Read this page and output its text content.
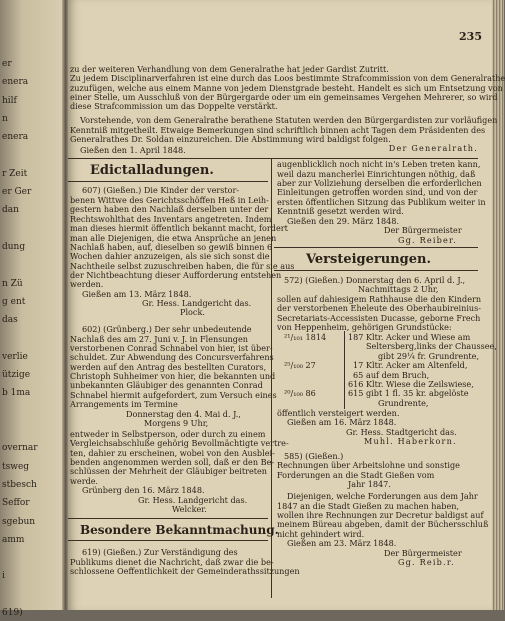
er
enera
hilf
n
enera
r Zeit
er Ger
dan
dung
n Zü
g ent
das
verlie
ützige
b 1ma
overnar
tsweg
stbesch
Seffor
sgebun
amm
i
619)
235
zu der weiteren Verhandlung von dem Generalrathe hat jeder Gardist Zutritt.
Zu jedem Disciplinarverfahren ist eine durch das Loos bestimmte Strafcommission von dem Generalrathe
zuzufügen, welche aus einem Manne von jedem Dienstgrade besteht. Handelt es sich um Entsetzung von
einer Stelle, um Ausschluß von der Bürgergarde oder um ein gemeinsames Vergehen Mehrerer, so wird
diese Strafcommission um das Doppelte verstärkt.
Vorstehende, von dem Generalrathe berathene Statuten werden den Bürgergardisten zur vorläufigen
Kenntniß mitgetheilt. Etwaige Bemerkungen sind schriftlich binnen acht Tagen dem Präsidenten des
Generalrathes Dr. Soldan einzureichen. Die Abstimmung wird baldigst folgen.
Gießen den 1. April 1848.	Der Generalrath.
Edictalladungen.
607) (Gießen.) Die Kinder der verstor-
benen Wittwe des Gerichtsschöffen Heß in Leih-
gestern haben den Nachlaß derselben unter der
Rechtswohlthat des Inventars angetreten. Indem
man dieses hiermit öffentlich bekannt macht, fordert
man alle Diejenigen, die etwa Ansprüche an jenen
Nachlaß haben, auf, dieselben so gewiß binnen 6
Wochen dahier anzuzeigen, als sie sich sonst die
Nachtheile selbst zuzuschreiben haben, die für sie aus
der Nichtbeachtung dieser Aufforderung entstehen
werden.
Gießen am 13. März 1848.
Gr. Hess. Landgericht das.
Plock.
602) (Grünberg.) Der sehr unbedeutende
Nachlaß des am 27. Juni v. J. in Flensungen
verstorbenen Conrad Schnabel von hier, ist über-
schuldet. Zur Abwendung des Concursverfahrens
werden auf den Antrag des bestellten Curators,
Christoph Suhheimer von hier, die bekannten und
unbekannten Gläubiger des genannten Conrad
Schnabel hiermit aufgefordert, zum Versuch eines
Arrangements im Termine
Donnerstag den 4. Mai d. J.,
Morgens 9 Uhr,
entweder in Selbstperson, oder durch zu einem
Vergleichsabschluße gehörig Bevollmächtigte vertre-
ten, dahier zu erscheinen, wobei von den Ausblei-
benden angenommen werden soll, daß er den Be-
schlüssen der Mehrheit der Gläubiger beitreten
werde.
Grünberg den 16. März 1848.
Gr. Hess. Landgericht das.
Welcker.
Besondere Bekanntmachung.
619) (Gießen.) Zur Verständigung des
Publikums dienet die Nachricht, daß zwar die be-
schlossene Oeffentlichkeit der Gemeinderathssitzungen
augenblicklich noch nicht in's Leben treten kann,
weil dazu mancherlei Einrichtungen nöthig, daß
aber zur Vollziehung derselben die erforderlichen
Einleitungen getroffen worden sind, und von der
ersten öffentlichen Sitzung das Publikum weiter in
Kenntniß gesetzt werden wird.
Gießen den 29. März 1848.
Der Bürgermeister
Gg. Reiber.
Versteigerungen.
572) (Gießen.) Donnerstag den 6. April d. J.,
Nachmittags 2 Uhr,
sollen auf dahiesigem Rathhause die den Kindern
der verstorbenen Eheleute des Oberhaubireinius-
Secretariats-Accessisten Ducasse, geborne Frech
von Heppenheim, gehörigen Grundstücke:
²¹/₁₀₁ 1814	187 Kltr. Acker und Wiese am
Seltersberg,links der Chaussee,
gibt 29¼ fr. Grundrente,
²⁵/₁₀₀ 27	17 Kltr. Acker am Altenfeld,
65 auf dem Bruch,
616 Kltr. Wiese die Zeilswiese,
²⁰/₁₀₀ 86	615 gibt 1 fl. 35 kr. abgelöste
Grundrente,
öffentlich versteigert werden.
Gießen am 16. März 1848.
Gr. Hess. Stadtgericht das.
Muhl. Haberkorn.
585) (Gießen.)
Rechnungen über Arbeitslohne und sonstige
Forderungen an die Stadt Gießen vom
Jahr 1847.
Diejenigen, welche Forderungen aus dem Jahr
1847 an die Stadt Gießen zu machen haben,
wollen ihre Rechnungen zur Decretur baldigst auf
meinem Büreau abgeben, damit der Büchersschluß
nicht gehindert wird.
Gießen am 23. März 1848.
Der Bürgermeister
Gg. Reib.r.
